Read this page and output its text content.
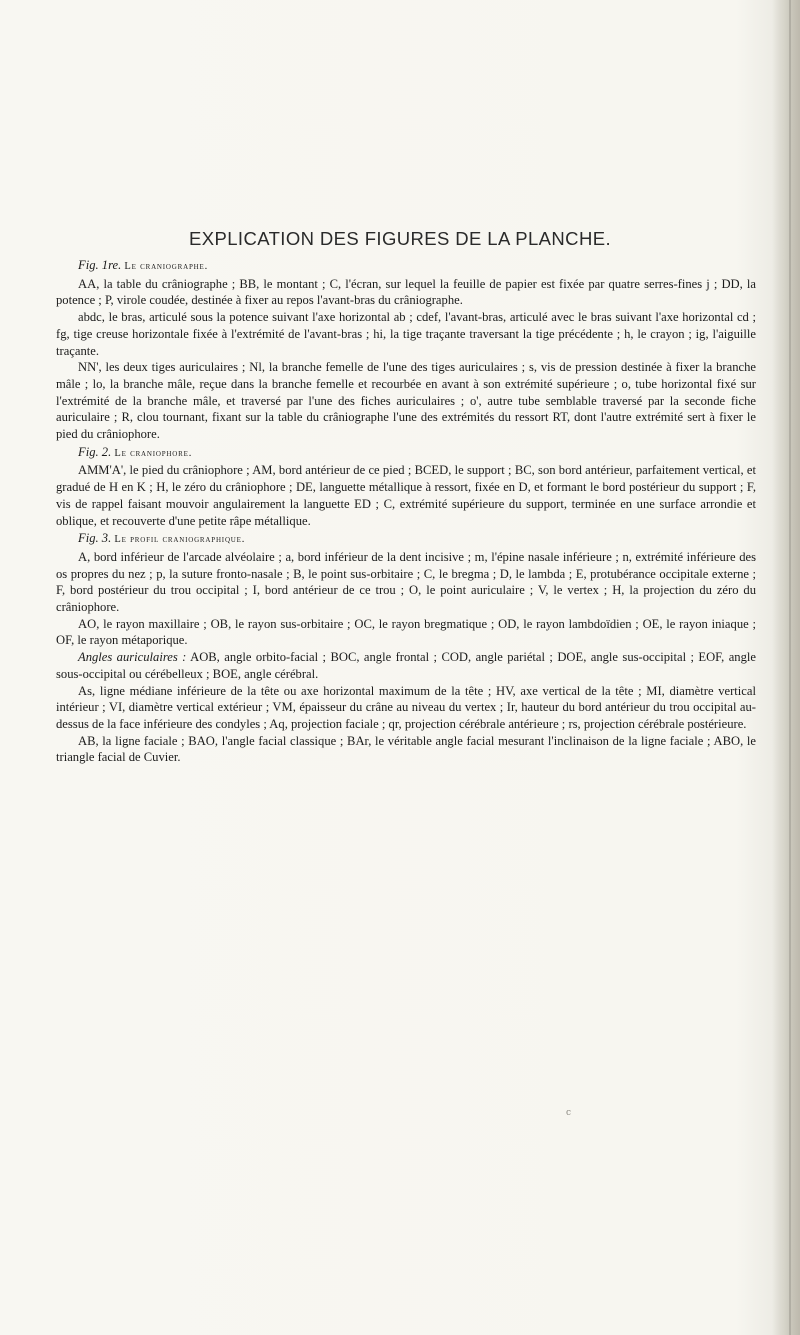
EXPLICATION DES FIGURES DE LA PLANCHE.

Fig. 1re. Le craniographe.

AA, la table du crâniographe ; BB, le montant ; C, l'écran, sur lequel la feuille de papier est fixée par quatre serres-fines j ; DD, la potence ; P, virole coudée, destinée à fixer au repos l'avant-bras du crâniographe.

abdc, le bras, articulé sous la potence suivant l'axe horizontal ab ; cdef, l'avant-bras, articulé avec le bras suivant l'axe horizontal cd ; fg, tige creuse horizontale fixée à l'extrémité de l'avant-bras ; hi, la tige traçante traversant la tige précédente ; h, le crayon ; ig, l'aiguille traçante.

NN', les deux tiges auriculaires ; Nl, la branche femelle de l'une des tiges auriculaires ; s, vis de pression destinée à fixer la branche mâle ; lo, la branche mâle, reçue dans la branche femelle et recourbée en avant à son extrémité supérieure ; o, tube horizontal fixé sur l'extrémité de la branche mâle, et traversé par l'une des fiches auriculaires ; o', autre tube semblable traversé par la seconde fiche auriculaire ; R, clou tournant, fixant sur la table du crâniographe l'une des extrémités du ressort RT, dont l'autre extrémité sert à fixer le pied du crâniophore.

Fig. 2. Le craniophore.

AMM'A', le pied du crâniophore ; AM, bord antérieur de ce pied ; BCED, le support ; BC, son bord antérieur, parfaitement vertical, et gradué de H en K ; H, le zéro du crâniophore ; DE, languette métallique à ressort, fixée en D, et formant le bord postérieur du support ; F, vis de rappel faisant mouvoir angulairement la languette ED ; C, extrémité supérieure du support, terminée en une surface arrondie et oblique, et recouverte d'une petite râpe métallique.

Fig. 3. Le profil craniographique.

A, bord inférieur de l'arcade alvéolaire ; a, bord inférieur de la dent incisive ; m, l'épine nasale inférieure ; n, extrémité inférieure des os propres du nez ; p, la suture fronto-nasale ; B, le point sus-orbitaire ; C, le bregma ; D, le lambda ; E, protubérance occipitale externe ; F, bord postérieur du trou occipital ; I, bord antérieur de ce trou ; O, le point auriculaire ; V, le vertex ; H, la projection du zéro du crâniophore.

AO, le rayon maxillaire ; OB, le rayon sus-orbitaire ; OC, le rayon bregmatique ; OD, le rayon lambdoïdien ; OE, le rayon iniaque ; OF, le rayon métaporique.

Angles auriculaires : AOB, angle orbito-facial ; BOC, angle frontal ; COD, angle pariétal ; DOE, angle sus-occipital ; EOF, angle sous-occipital ou cérébelleux ; BOE, angle cérébral.

As, ligne médiane inférieure de la tête ou axe horizontal maximum de la tête ; HV, axe vertical de la tête ; MI, diamètre vertical intérieur ; VI, diamètre vertical extérieur ; VM, épaisseur du crâne au niveau du vertex ; Ir, hauteur du bord antérieur du trou occipital au-dessus de la face inférieure des condyles ; Aq, projection faciale ; qr, projection cérébrale antérieure ; rs, projection cérébrale postérieure.

AB, la ligne faciale ; BAO, l'angle facial classique ; BAr, le véritable angle facial mesurant l'inclinaison de la ligne faciale ; ABO, le triangle facial de Cuvier.

c
